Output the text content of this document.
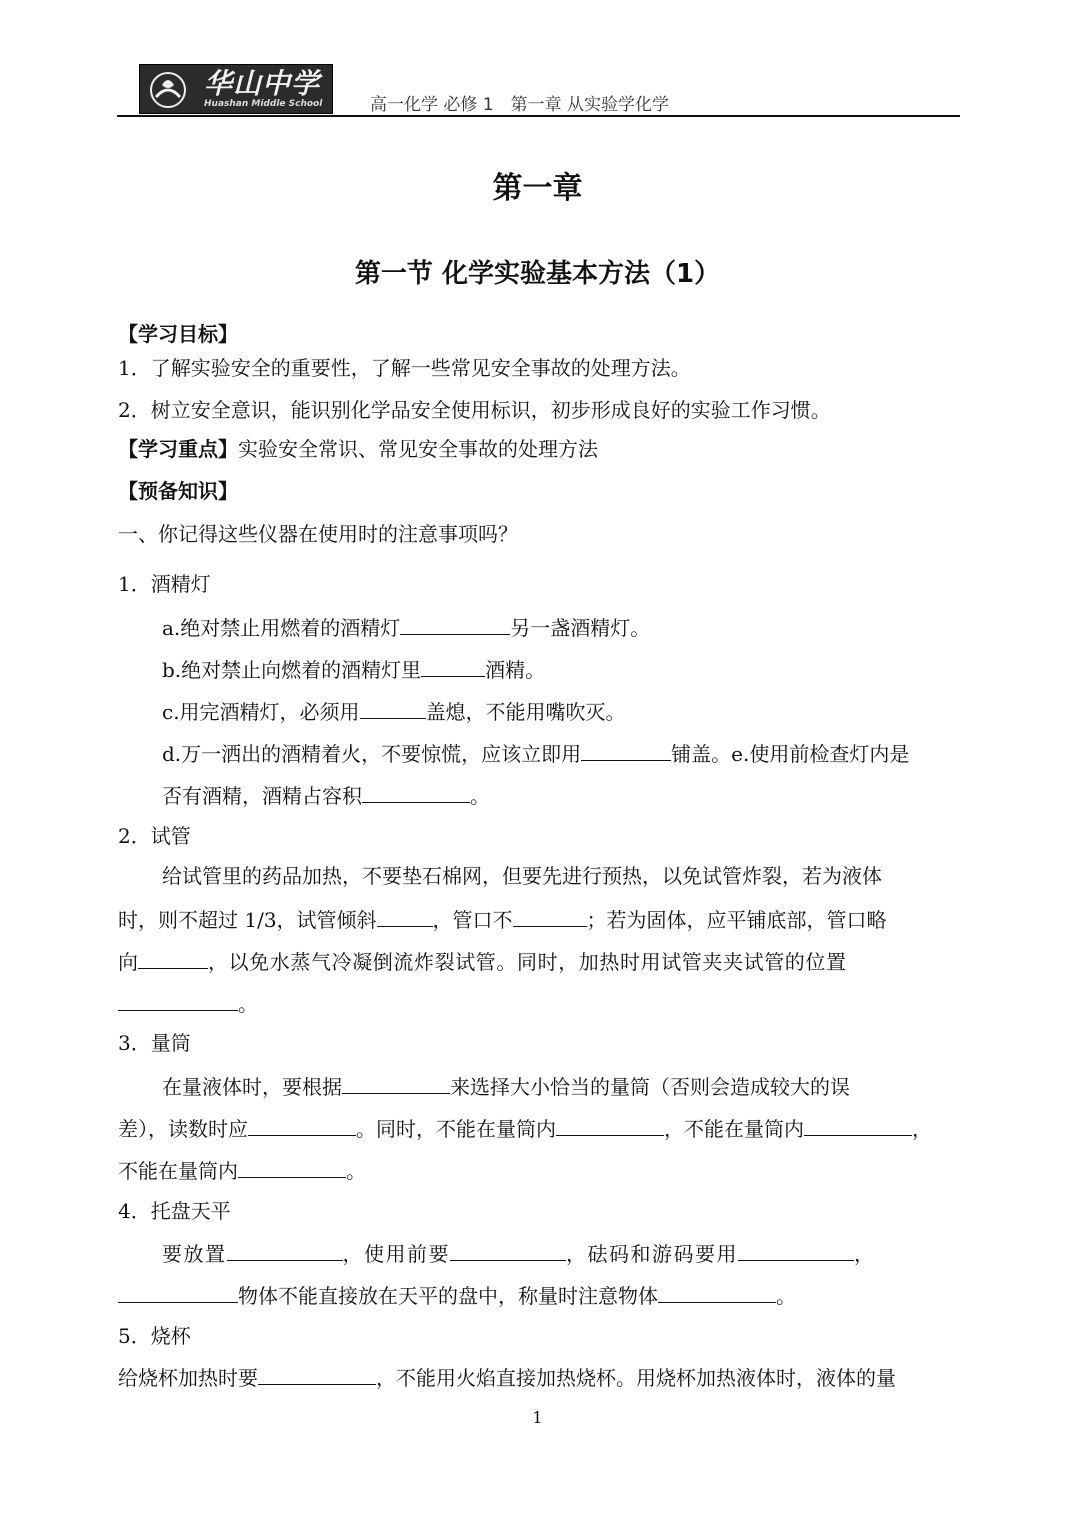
华山中学
Huashan Middle School	高一化学 必修 1　第一章 从实验学化学
第一章
第一节 化学实验基本方法（1）
【学习目标】
1．了解实验安全的重要性，了解一些常见安全事故的处理方法。
2．树立安全意识，能识别化学品安全使用标识，初步形成良好的实验工作习惯。
【学习重点】实验安全常识、常见安全事故的处理方法
【预备知识】
一、你记得这些仪器在使用时的注意事项吗？
1．酒精灯
a.绝对禁止用燃着的酒精灯	另一盏酒精灯。
b.绝对禁止向燃着的酒精灯里	酒精。
c.用完酒精灯，必须用	盖熄，不能用嘴吹灭。
d.万一洒出的酒精着火，不要惊慌，应该立即用	铺盖。e.使用前检查灯内是
否有酒精，酒精占容积	。
2．试管
给试管里的药品加热，不要垫石棉网，但要先进行预热，以免试管炸裂，若为液体
时，则不超过 1/3，试管倾斜	，管口不	；若为固体，应平铺底部，管口略
向	，以免水蒸气冷凝倒流炸裂试管。同时，加热时用试管夹夹试管的位置
。
3．量筒
在量液体时，要根据	来选择大小恰当的量筒（否则会造成较大的误
差），读数时应	。同时，不能在量筒内	，不能在量筒内	，
不能在量筒内	。
4．托盘天平
要放置	，使用前要	，砝码和游码要用	，
物体不能直接放在天平的盘中，称量时注意物体	。
5．烧杯
给烧杯加热时要	，不能用火焰直接加热烧杯。用烧杯加热液体时，液体的量
1
